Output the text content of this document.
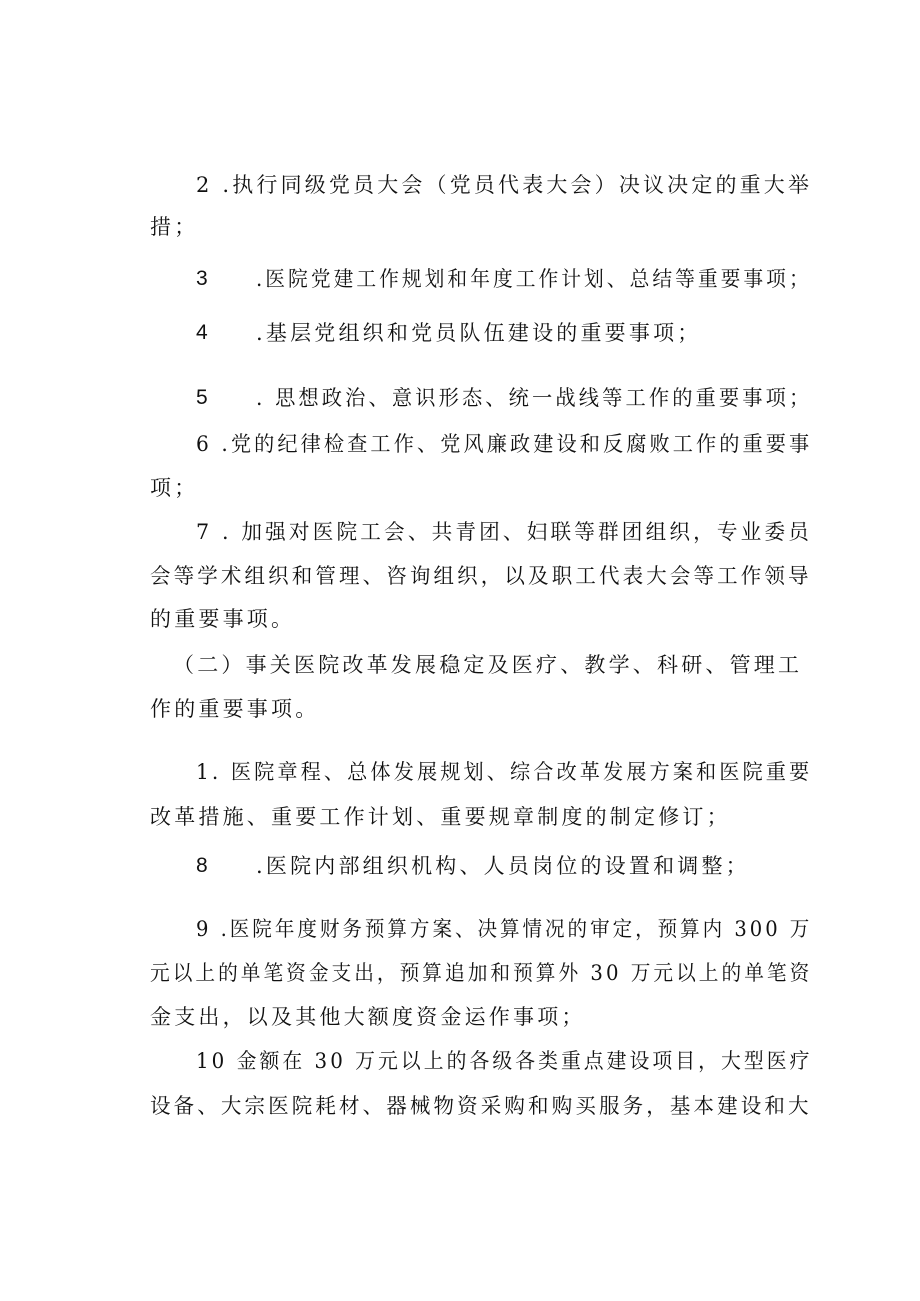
2 .执行同级党员大会（党员代表大会）决议决定的重大举
措；
3 .医院党建工作规划和年度工作计划、总结等重要事项；
4 .基层党组织和党员队伍建设的重要事项；
5 . 思想政治、意识形态、统一战线等工作的重要事项；
6 .党的纪律检查工作、党风廉政建设和反腐败工作的重要事
项；
7 . 加强对医院工会、共青团、妇联等群团组织，专业委员
会等学术组织和管理、咨询组织，以及职工代表大会等工作领导
的重要事项。
（二）事关医院改革发展稳定及医疗、教学、科研、管理工
作的重要事项。
1. 医院章程、总体发展规划、综合改革发展方案和医院重要
改革措施、重要工作计划、重要规章制度的制定修订；
8 .医院内部组织机构、人员岗位的设置和调整；
9 .医院年度财务预算方案、决算情况的审定，预算内 300 万
元以上的单笔资金支出，预算追加和预算外 30 万元以上的单笔资
金支出，以及其他大额度资金运作事项；
10 金额在 30 万元以上的各级各类重点建设项目，大型医疗
设备、大宗医院耗材、器械物资采购和购买服务，基本建设和大
